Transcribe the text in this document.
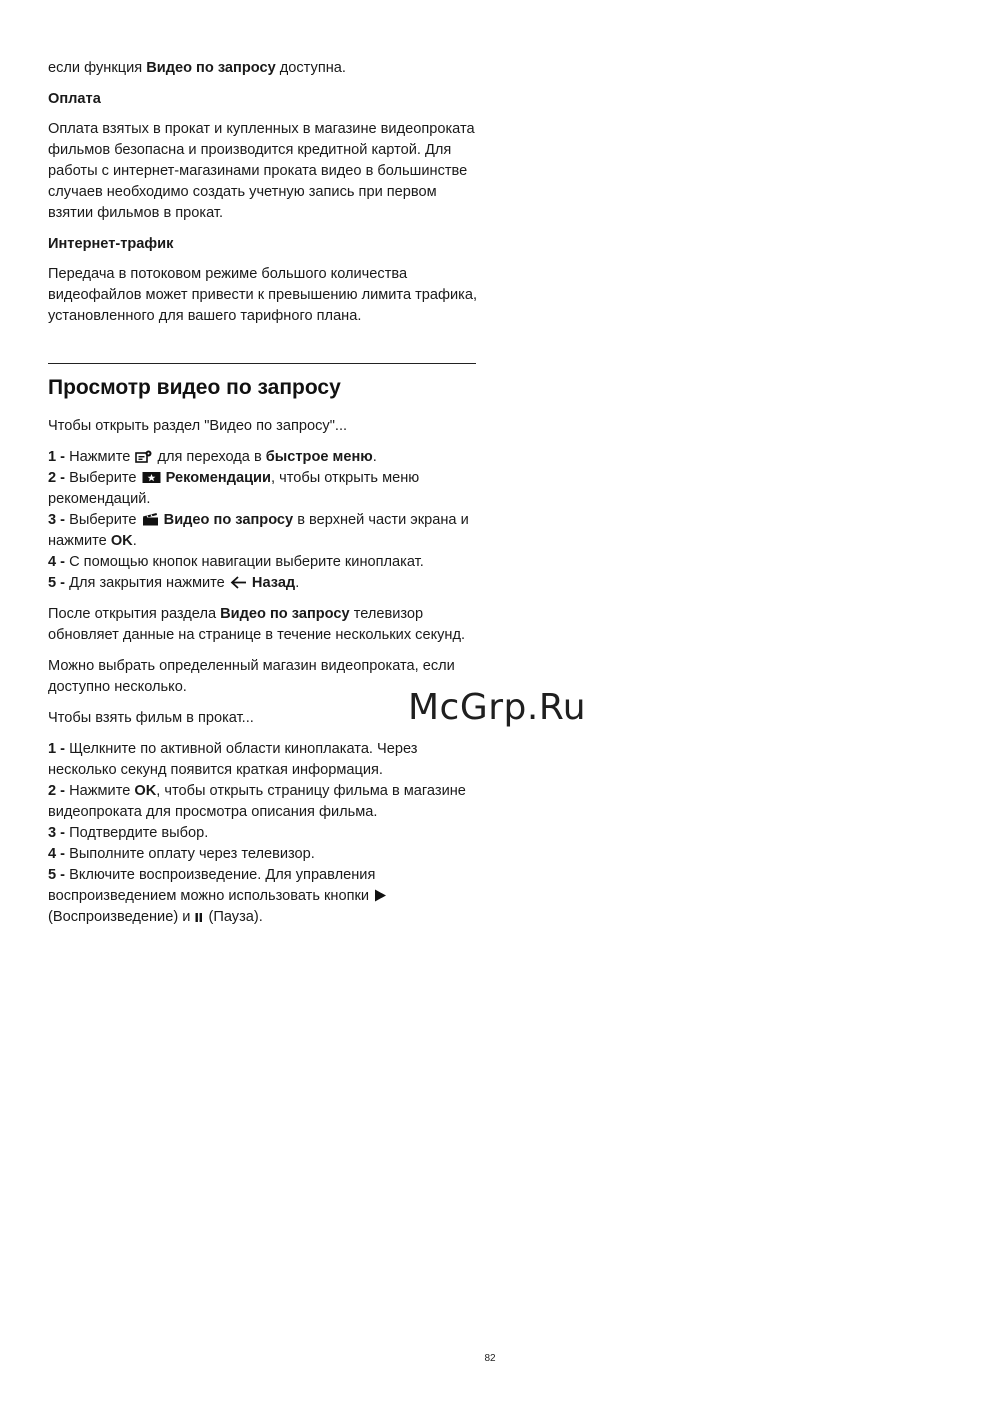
если функция Видео по запросу доступна.

Оплата

Оплата взятых в прокат и купленных в магазине видеопроката фильмов безопасна и производится кредитной картой. Для работы с интернет-магазинами проката видео в большинстве случаев необходимо создать учетную запись при первом взятии фильмов в прокат.

Интернет-трафик

Передача в потоковом режиме большого количества видеофайлов может привести к превышению лимита трафика, установленного для вашего тарифного плана.

Просмотр видео по запросу

Чтобы открыть раздел "Видео по запросу"...

1 - Нажмите  для перехода в быстрое меню.
2 - Выберите  Рекомендации, чтобы открыть меню рекомендаций.
3 - Выберите  Видео по запросу в верхней части экрана и нажмите OK.
4 - С помощью кнопок навигации выберите киноплакат.
5 - Для закрытия нажмите  Назад.

После открытия раздела Видео по запросу телевизор обновляет данные на странице в течение нескольких секунд.

Можно выбрать определенный магазин видеопроката, если доступно несколько.

Чтобы взять фильм в прокат...

1 - Щелкните по активной области киноплаката. Через несколько секунд появится краткая информация.
2 - Нажмите OK, чтобы открыть страницу фильма в магазине видеопроката для просмотра описания фильма.
3 - Подтвердите выбор.
4 - Выполните оплату через телевизор.
5 - Включите воспроизведение. Для управления воспроизведением можно использовать кнопки  (Воспроизведение) и  (Пауза).
McGrp.Ru
82
